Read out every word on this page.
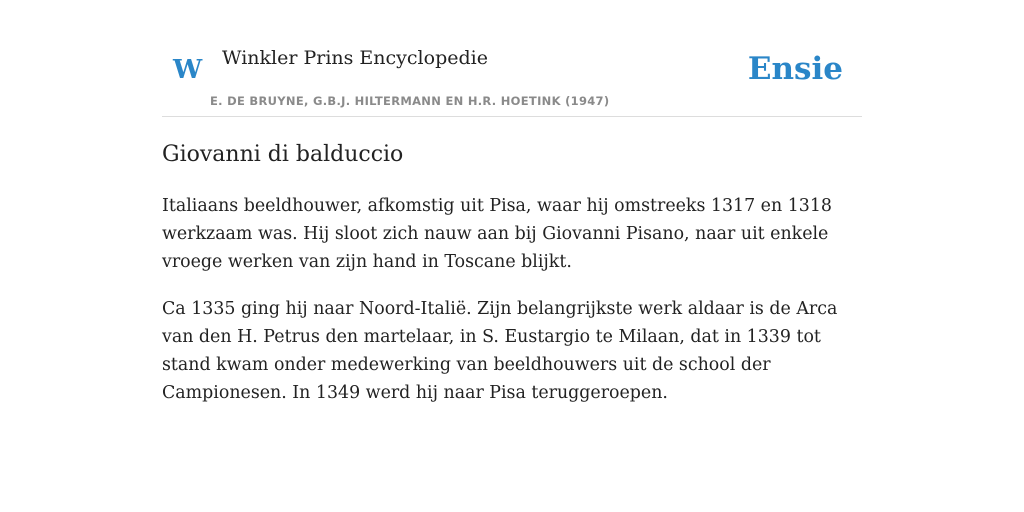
W Winkler Prins Encyclopedie
E. DE BRUYNE, G.B.J. HILTERMANN EN H.R. HOETINK (1947)
Ensie
Giovanni di balduccio

Italiaans beeldhouwer, afkomstig uit Pisa, waar hij omstreeks 1317 en 1318 werkzaam was. Hij sloot zich nauw aan bij Giovanni Pisano, naar uit enkele vroege werken van zijn hand in Toscane blijkt.

Ca 1335 ging hij naar Noord-Italië. Zijn belangrijkste werk aldaar is de Arca van den H. Petrus den martelaar, in S. Eustargio te Milaan, dat in 1339 tot stand kwam onder medewerking van beeldhouwers uit de school der Campionesen. In 1349 werd hij naar Pisa teruggeroepen.
